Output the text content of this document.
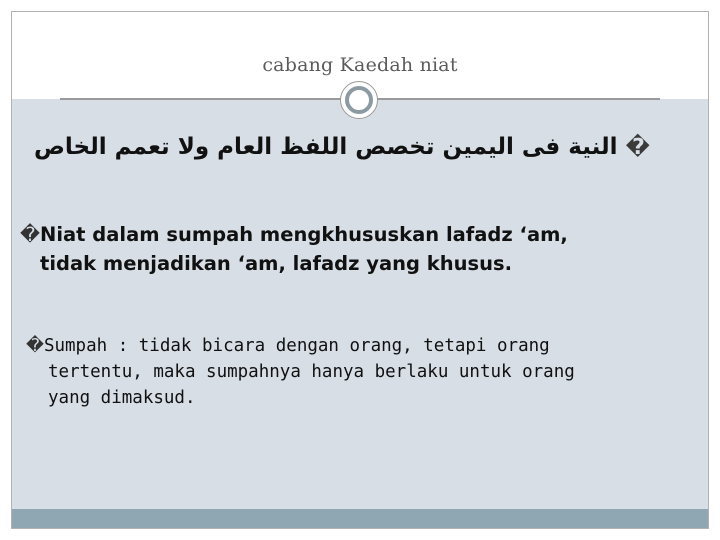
cabang Kaedah niat
�النية فى اليمين تخصص اللفظ العام ولا تعمم الخاص
�Niat dalam sumpah mengkhususkan lafadz ‘am,
tidak menjadikan ‘am, lafadz yang khusus.
�Sumpah : tidak bicara dengan orang, tetapi orang
tertentu, maka sumpahnya hanya berlaku untuk orang
yang dimaksud.
